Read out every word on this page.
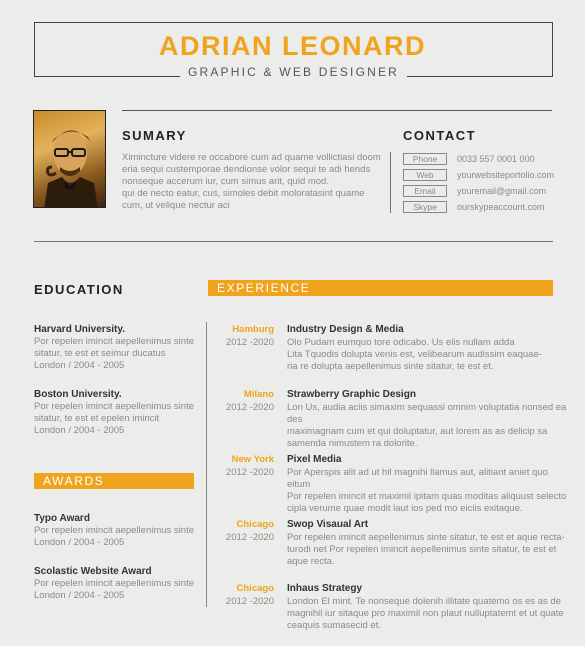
ADRIAN LEONARD
GRAPHIC & WEB DESIGNER
SUMARY
Ximincture videre re occabore cum ad quame vollictiasi doom
eria sequi custemporae dendionse volor sequi te adi hends
nonseque accerum iur, cum simus arit, quid mod.
qui de necto eatur, cus, simoles debit moloratasint quame
cum, ut velique nectur aci
CONTACT
Phone	0033 557 0001 000
Web	yourwebsiteportolio.com
Email	youremail@gmail.com
Skype	ourskypeaccount.com
EDUCATION
Harvard University.
Por repelen imincit aepellenimus sinte
sitatur, te est et seimur ducatus
London / 2004 - 2005
Boston University.
Por repelen imincit aepellenimus sinte
sitatur, te est et epelen imincit
London / 2004 - 2005
AWARDS
Typo Award
Por repelen imincit aepellenimus sinte
London / 2004 - 2005
Scolastic Website Award
Por repelen imincit aepellenimus sinte
London / 2004 - 2005
EXPERIENCE
Hamburg
2012 -2020
Industry Design & Media
Olo Pudam eumquo tore odicabo. Us elis nullam adda
Lita Tquodis dolupta venis est, velibearum audissim eaquae-
ria re dolupta aepellenimus sinte sitatur, te est et.
Milano
2012 -2020
Strawberry Graphic Design
Lon Us, audia aciis simaxim sequassi omnim voluptatia nonsed ea des
maximagnam cum et qui doluptatur, aut lorem as as delicip sa
samenda nimustem ra dolorite.
New York
2012 -2020
Pixel Media
Por Aperspis alit ad ut hil magnihi llamus aut, alitiant aniet quo eitum
Por repelen imincit et maximil ipitam quas moditas aliquust selecto
cipla verume quae modit laut ios ped mo eiciis exitaque.
Chicago
2012 -2020
Swop Visaual Art
Por repelen imincit aepellenimus sinte sitatur, te est et aque recta-
turodi net Por repelen imincit aepellenimus sinte sitatur, te est et
aque recta.
Chicago
2012 -2020
Inhaus Strategy
London El mint. Te nonseque dolenih illitate quatemo os es as de
magnihil iur sitaque pro maximil non plaut nulluptatemt et ut quate
ceaquis sumasecid et.
